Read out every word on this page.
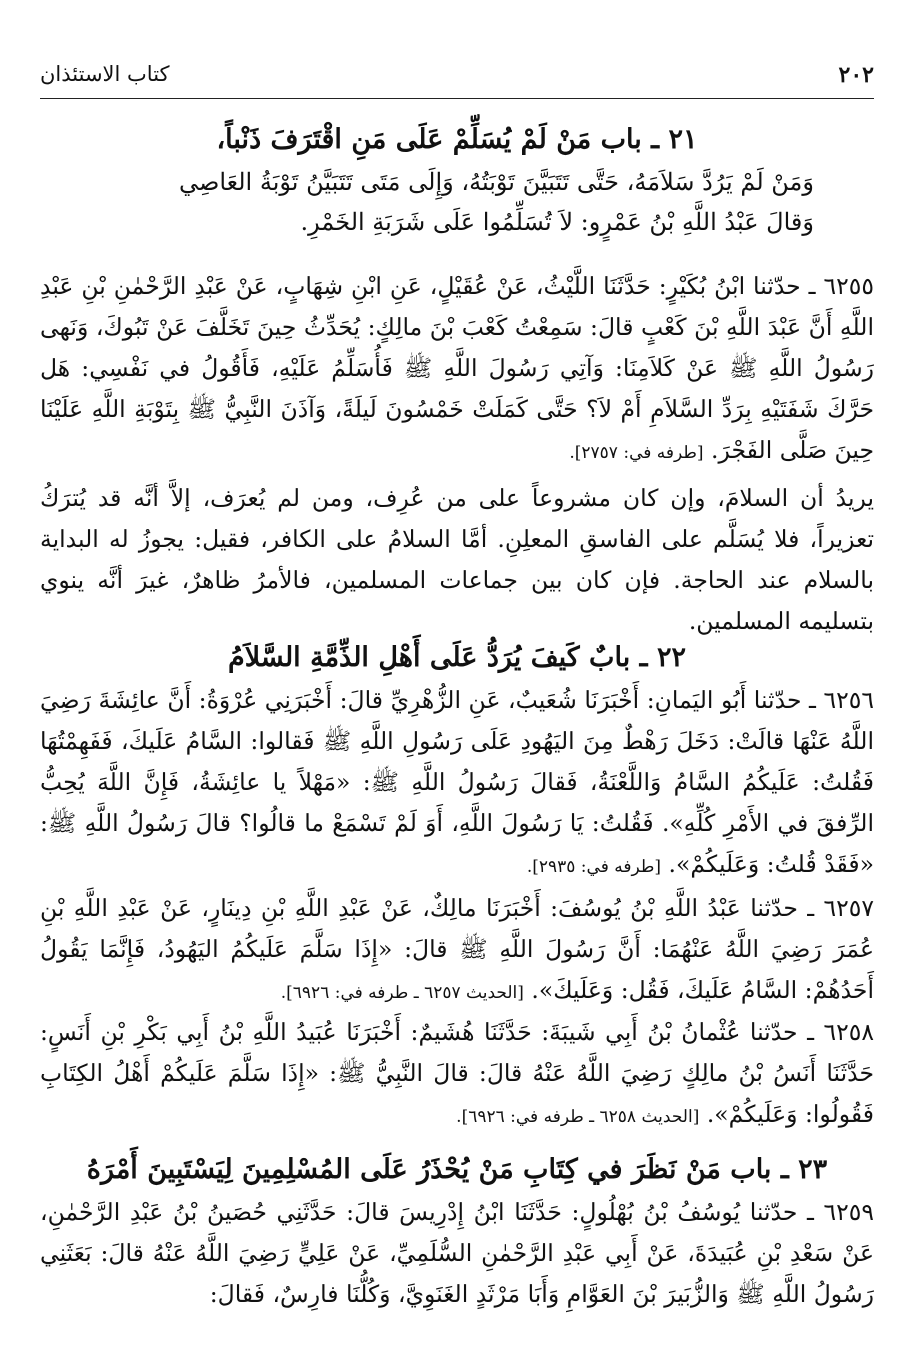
٢٠٢
كتاب الاستئذان

٢١ ـ باب مَنْ لَمْ يُسَلِّمْ عَلَى مَنِ اقْتَرَفَ ذَنْباً،

وَمَنْ لَمْ يَرُدَّ سَلاَمَهُ، حَتَّى تَتَبَيَّنَ تَوْبَتُهُ، وَإِلَى مَتَى تَتَبَيَّنُ تَوْبَةُ العَاصِي

وَقالَ عَبْدُ اللَّهِ بْنُ عَمْرٍو: لاَ تُسَلِّمُوا عَلَى شَرَبَةِ الخَمْرِ.

٦٢٥٥ ـ حدّثنا ابْنُ بُكَيْرٍ: حَدَّثَنَا اللَّيْثُ، عَنْ عُقَيْلٍ، عَنِ ابْنِ شِهَابٍ، عَنْ عَبْدِ الرَّحْمٰنِ بْنِ عَبْدِ اللَّهِ أَنَّ عَبْدَ اللَّهِ بْنَ كَعْبٍ قالَ: سَمِعْتُ كَعْبَ بْنَ مالِكٍ: يُحَدِّثُ حِينَ تَخَلَّفَ عَنْ تَبُوكَ، وَنَهى رَسُولُ اللَّهِ ﷺ عَنْ كَلاَمِنَا: وَآتِي رَسُولَ اللَّهِ ﷺ فَأُسَلِّمُ عَلَيْهِ، فَأَقُولُ في نَفْسِي: هَل حَرَّكَ شَفَتَيْهِ بِرَدِّ السَّلاَمِ أَمْ لاَ؟ حَتَّى كَمَلَتْ خَمْسُونَ لَيلَةً، وَآذَنَ النَّبِيُّ ﷺ بِتَوْبَةِ اللَّهِ عَلَيْنَا حِينَ صَلَّى الفَجْرَ. [طرفه في: ٢٧٥٧].

يريدُ أن السلامَ، وإن كان مشروعاً على من عُرِف، ومن لم يُعرَف، إلاَّ أنَّه قد يُترَكُ تعزيراً، فلا يُسَلَّم على الفاسقِ المعلِنِ. أمَّا السلامُ على الكافر، فقيل: يجوزُ له البداية بالسلام عند الحاجة. فإن كان بين جماعات المسلمين، فالأمرُ ظاهرٌ، غيرَ أنَّه ينوي بتسليمه المسلمين.

٢٢ ـ بابٌ كَيفَ يُرَدُّ عَلَى أَهْلِ الذِّمَّةِ السَّلاَمُ

٦٢٥٦ ـ حدّثنا أَبُو اليَمانِ: أَخْبَرَنَا شُعَيبٌ، عَنِ الزُّهْرِيِّ قالَ: أَخْبَرَنِي عُرْوَةُ: أَنَّ عائِشَةَ رَضِيَ اللَّهُ عَنْهَا قالَتْ: دَخَلَ رَهْطٌ مِنَ اليَهُودِ عَلَى رَسُولِ اللَّهِ ﷺ فَقالوا: السَّامُ عَلَيكَ، فَفَهِمْتُهَا فَقُلتُ: عَلَيكُمُ السَّامُ وَاللَّعْنَةُ، فَقالَ رَسُولُ اللَّهِ ﷺ: «مَهْلاً يا عائِشَةُ، فَإِنَّ اللَّهَ يُحِبُّ الرِّفقَ في الأَمْرِ كُلِّهِ». فَقُلتُ: يَا رَسُولَ اللَّهِ، أَوَ لَمْ تَسْمَعْ ما قالُوا؟ قالَ رَسُولُ اللَّهِ ﷺ: «فَقَدْ قُلتُ: وَعَلَيكُمْ». [طرفه في: ٢٩٣٥].

٦٢٥٧ ـ حدّثنا عَبْدُ اللَّهِ بْنُ يُوسُفَ: أَخْبَرَنَا مالِكٌ، عَنْ عَبْدِ اللَّهِ بْنِ دِينَارٍ، عَنْ عَبْدِ اللَّهِ بْنِ عُمَرَ رَضِيَ اللَّهُ عَنْهُمَا: أَنَّ رَسُولَ اللَّهِ ﷺ قالَ: «إِذَا سَلَّمَ عَلَيكُمُ اليَهُودُ، فَإِنَّمَا يَقُولُ أَحَدُهُمْ: السَّامُ عَلَيكَ، فَقُل: وَعَلَيكَ». [الحديث ٦٢٥٧ ـ طرفه في: ٦٩٢٦].

٦٢٥٨ ـ حدّثنا عُثْمانُ بْنُ أَبِي شَيبَةَ: حَدَّثَنَا هُشَيمٌ: أَخْبَرَنَا عُبَيدُ اللَّهِ بْنُ أَبِي بَكْرِ بْنِ أَنَسٍ: حَدَّثَنَا أَنَسُ بْنُ مالِكٍ رَضِيَ اللَّهُ عَنْهُ قالَ: قالَ النَّبِيُّ ﷺ: «إِذَا سَلَّمَ عَلَيكُمْ أَهْلُ الكِتَابِ فَقُولُوا: وَعَلَيكُمْ». [الحديث ٦٢٥٨ ـ طرفه في: ٦٩٢٦].

٢٣ ـ باب مَنْ نَظَرَ في كِتَابِ مَنْ يُحْذَرُ عَلَى المُسْلِمِينَ لِيَسْتَبِينَ أَمْرَهُ

٦٢٥٩ ـ حدّثنا يُوسُفُ بْنُ بُهْلُولٍ: حَدَّثَنَا ابْنُ إِدْرِيسَ قالَ: حَدَّثَنِي حُصَينُ بْنُ عَبْدِ الرَّحْمٰنِ، عَنْ سَعْدِ بْنِ عُبَيدَةَ، عَنْ أَبِي عَبْدِ الرَّحْمٰنِ السُّلَمِيِّ، عَنْ عَلِيٍّ رَضِيَ اللَّهُ عَنْهُ قالَ: بَعَثَنِي رَسُولُ اللَّهِ ﷺ وَالزُّبَيرَ بْنَ العَوَّامِ وَأَبَا مَرْثَدٍ الغَنَوِيَّ، وَكُلُّنَا فارِسٌ، فَقالَ:
